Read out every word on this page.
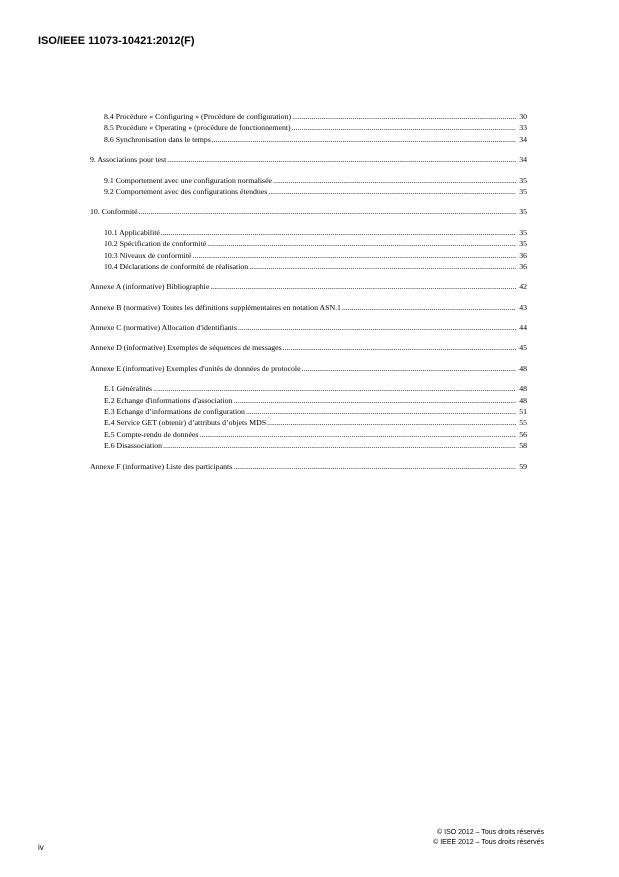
ISO/IEEE 11073-10421:2012(F)
8.4 Procédure « Configuring » (Procédure de configuration) .....	30
8.5 Procédure « Operating » (procédure de fonctionnement) .....	33
8.6 Synchronisation dans le temps .....	34
9. Associations pour test .....	34
9.1 Comportement avec une configuration normalisée .....	35
9.2 Comportement avec des configurations étendues .....	35
10. Conformité .....	35
10.1 Applicabilité .....	35
10.2 Spécification de conformité .....	35
10.3 Niveaux de conformité .....	36
10.4 Déclarations de conformité de réalisation .....	36
Annexe A (informative) Bibliographie .....	42
Annexe B (normative) Toutes les définitions supplémentaires en notation ASN.1 .....	43
Annexe C (normative) Allocation d'identifiants .....	44
Annexe D (informative) Exemples de séquences de messages .....	45
Annexe E (informative) Exemples d'unités de données de protocole .....	48
E.1 Généralités .....	48
E.2 Echange d'informations d'association .....	48
E.3 Echange d’informations de configuration .....	51
E.4 Service GET (obtenir) d’attributs d’objets MDS .....	55
E.5 Compte-rendu de données .....	56
E.6 Disassociation .....	58
Annexe F (informative) Liste des participants .....	59
© ISO 2012 – Tous droits réservés
© IEEE 2012 – Tous droits réservés
iv
